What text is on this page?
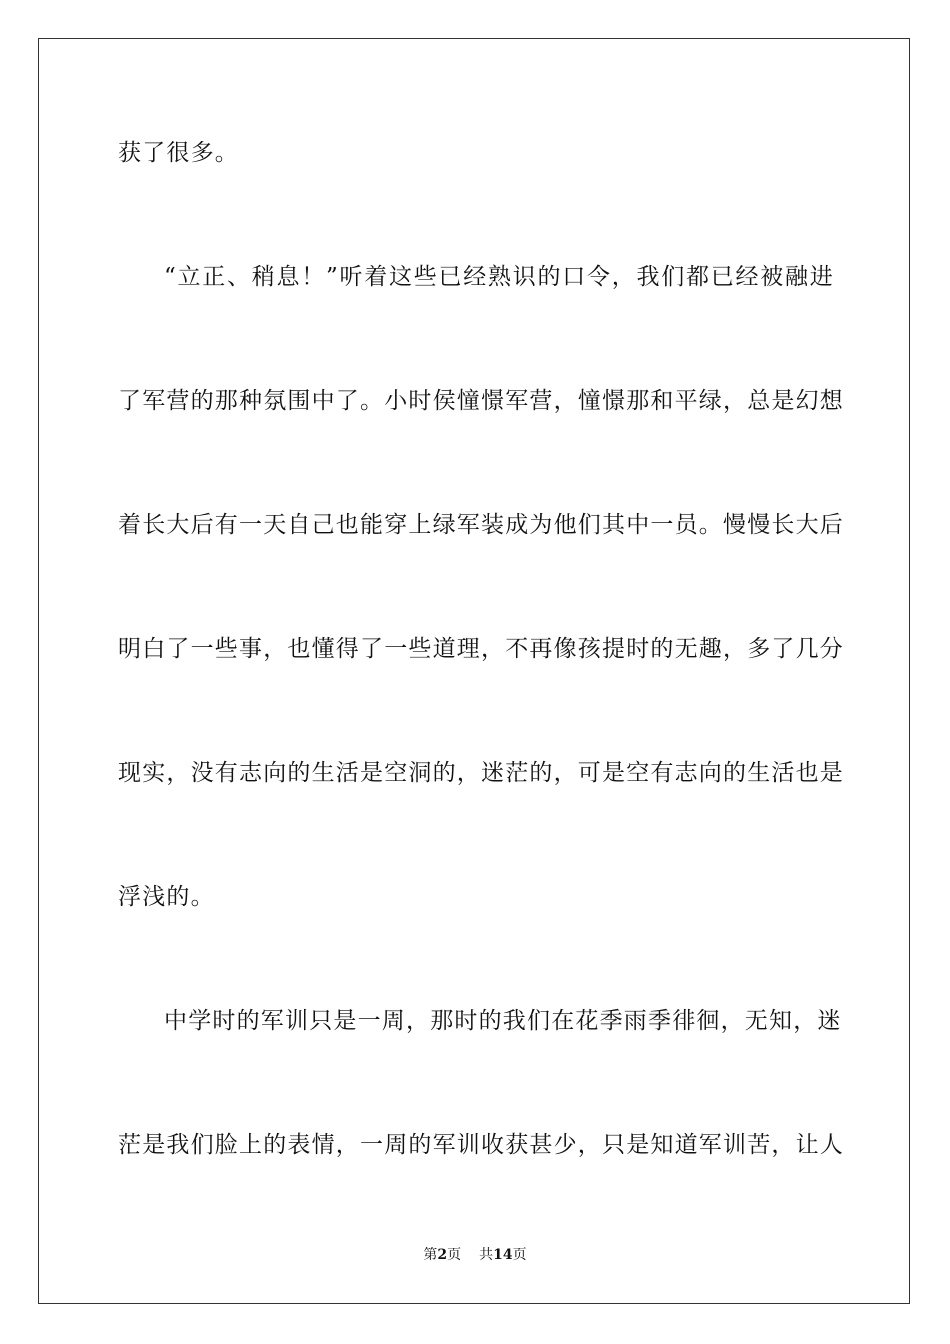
获了很多。
“立正、稍息！”听着这些已经熟识的口令，我们都已经被融进
了军营的那种氛围中了。小时侯憧憬军营，憧憬那和平绿，总是幻想
着长大后有一天自己也能穿上绿军装成为他们其中一员。慢慢长大后
明白了一些事，也懂得了一些道理，不再像孩提时的无趣，多了几分
现实，没有志向的生活是空洞的，迷茫的，可是空有志向的生活也是
浮浅的。
中学时的军训只是一周，那时的我们在花季雨季徘徊，无知，迷
茫是我们脸上的表情，一周的军训收获甚少，只是知道军训苦，让人
第2页 共14页
